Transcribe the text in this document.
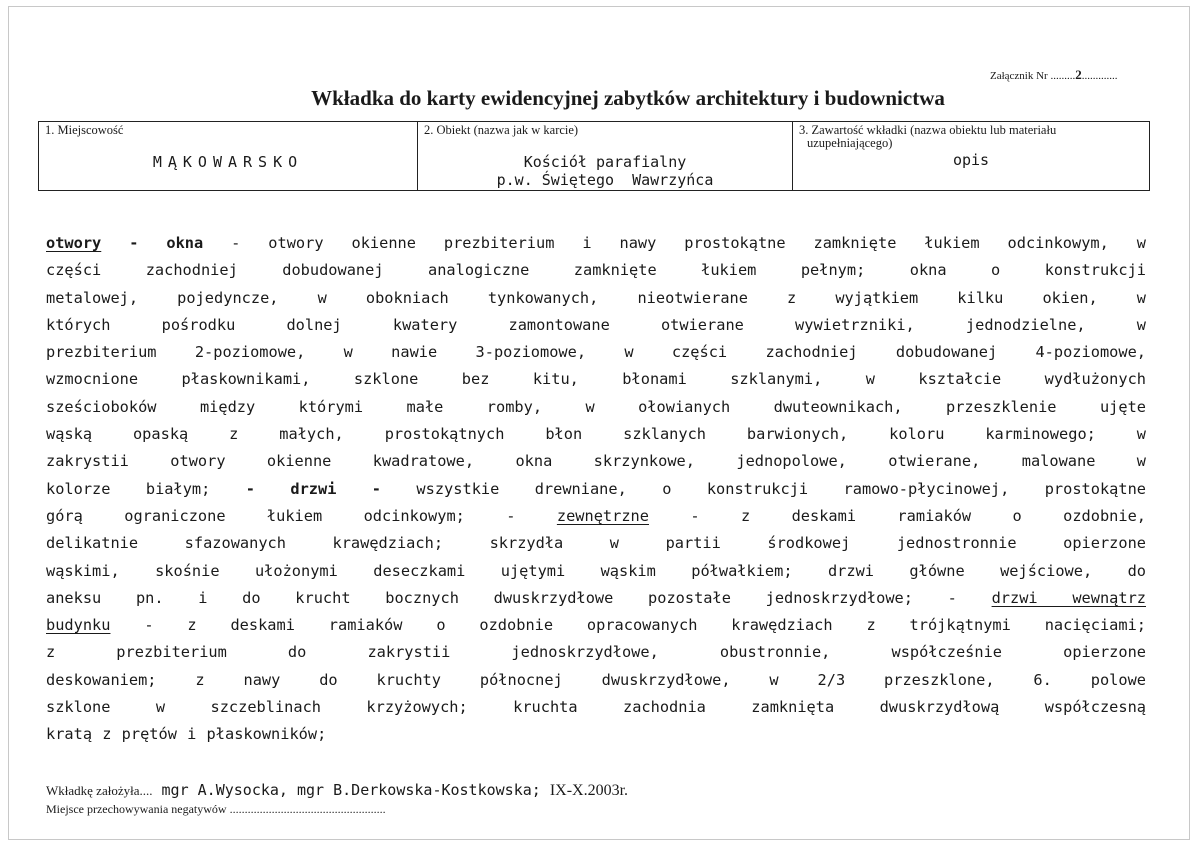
Załącznik Nr .........2.............
Wkładka do karty ewidencyjnej zabytków architektury i budownictwa
1. Miejscowość
MĄKOWARSKO

2. Obiekt (nazwa jak w karcie)
Kościół parafialny
p.w. Świętego  Wawrzyńca

3. Zawartość wkładki (nazwa obiektu lub materiału
uzupełniającego)
opis
otwory - okna - otwory okienne prezbiterium i nawy prostokątne zamknięte łukiem odcinkowym, w
części zachodniej dobudowanej analogiczne zamknięte łukiem pełnym; okna o konstrukcji
metalowej, pojedyncze, w obokniach tynkowanych, nieotwierane z wyjątkiem kilku okien, w
których pośrodku dolnej kwatery zamontowane otwierane wywietrzniki, jednodzielne, w
prezbiterium 2-poziomowe, w nawie 3-poziomowe, w części zachodniej dobudowanej 4-poziomowe,
wzmocnione płaskownikami, szklone bez kitu, błonami szklanymi, w kształcie wydłużonych
sześcioboków między którymi małe romby, w ołowianych dwuteownikach, przeszklenie ujęte
wąską opaską z małych, prostokątnych błon szklanych barwionych, koloru karminowego; w
zakrystii otwory okienne kwadratowe, okna skrzynkowe, jednopolowe, otwierane, malowane w
kolorze białym; - drzwi - wszystkie drewniane, o konstrukcji ramowo-płycinowej, prostokątne
górą ograniczone łukiem odcinkowym; - zewnętrzne - z deskami ramiaków o ozdobnie,
delikatnie sfazowanych krawędziach; skrzydła w partii środkowej jednostronnie opierzone
wąskimi, skośnie ułożonymi deseczkami ujętymi wąskim półwałkiem; drzwi główne wejściowe, do
aneksu pn. i do krucht bocznych dwuskrzydłowe pozostałe jednoskrzydłowe; - drzwi wewnątrz
budynku - z deskami ramiaków o ozdobnie opracowanych krawędziach z trójkątnymi nacięciami;
z prezbiterium do zakrystii jednoskrzydłowe, obustronnie, współcześnie opierzone
deskowaniem; z nawy do kruchty północnej dwuskrzydłowe, w 2/3 przeszklone, 6. polowe
szklone w szczeblinach krzyżowych; kruchta zachodnia zamknięta dwuskrzydłową współczesną
kratą z prętów i płaskowników;
Wkładkę założyła.... mgr A.Wysocka, mgr B.Derkowska-Kostkowska; IX-X.2003r.
Miejsce przechowywania negatywów ....................................................
